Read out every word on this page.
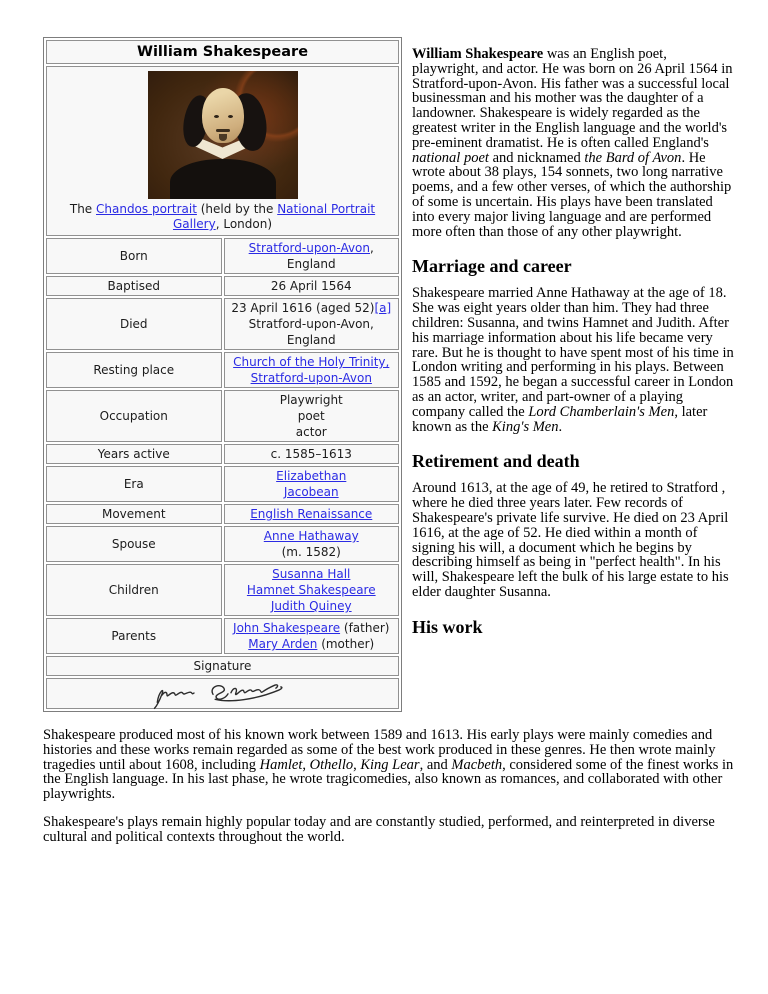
William Shakespeare	

The Chandos portrait (held by the National Portrait Gallery, London)	

Born	Stratford-upon-Avon, England
Baptised	26 April 1564
Died	23 April 1616 (aged 52)[a]
Stratford-upon-Avon, England
Resting place	Church of the Holy Trinity, Stratford-upon-Avon
Occupation	Playwright
poet
actor
Years active	c. 1585–1613
Era	Elizabethan
Jacobean
Movement	English Renaissance
Spouse	Anne Hathaway
(m. 1582)
Children	Susanna Hall
Hamnet Shakespeare
Judith Quiney
Parents	John Shakespeare (father)
Mary Arden (mother)
Signature	

William Shakespeare was an English poet, playwright, and actor. He was born on 26 April 1564 in Stratford-upon-Avon. His father was a successful local businessman and his mother was the daughter of a landowner. Shakespeare is widely regarded as the greatest writer in the English language and the world's pre-eminent dramatist. He is often called England's national poet and nicknamed the Bard of Avon. He wrote about 38 plays, 154 sonnets, two long narrative poems, and a few other verses, of which the authorship of some is uncertain. His plays have been translated into every major living language and are performed more often than those of any other playwright.

Marriage and career

Shakespeare married Anne Hathaway at the age of 18. She was eight years older than him. They had three children: Susanna, and twins Hamnet and Judith. After his marriage information about his life became very rare. But he is thought to have spent most of his time in London writing and performing in his plays. Between 1585 and 1592, he began a successful career in London as an actor, writer, and part-owner of a playing company called the Lord Chamberlain's Men, later known as the King's Men.

Retirement and death

Around 1613, at the age of 49, he retired to Stratford , where he died three years later. Few records of Shakespeare's private life survive. He died on 23 April 1616, at the age of 52. He died within a month of signing his will, a document which he begins by describing himself as being in "perfect health". In his will, Shakespeare left the bulk of his large estate to his elder daughter Susanna.

His work

Shakespeare produced most of his known work between 1589 and 1613. His early plays were mainly comedies and histories and these works remain regarded as some of the best work produced in these genres. He then wrote mainly tragedies until about 1608, including Hamlet, Othello, King Lear, and Macbeth, considered some of the finest works in the English language. In his last phase, he wrote tragicomedies, also known as romances, and collaborated with other playwrights.

Shakespeare's plays remain highly popular today and are constantly studied, performed, and reinterpreted in diverse cultural and political contexts throughout the world.
